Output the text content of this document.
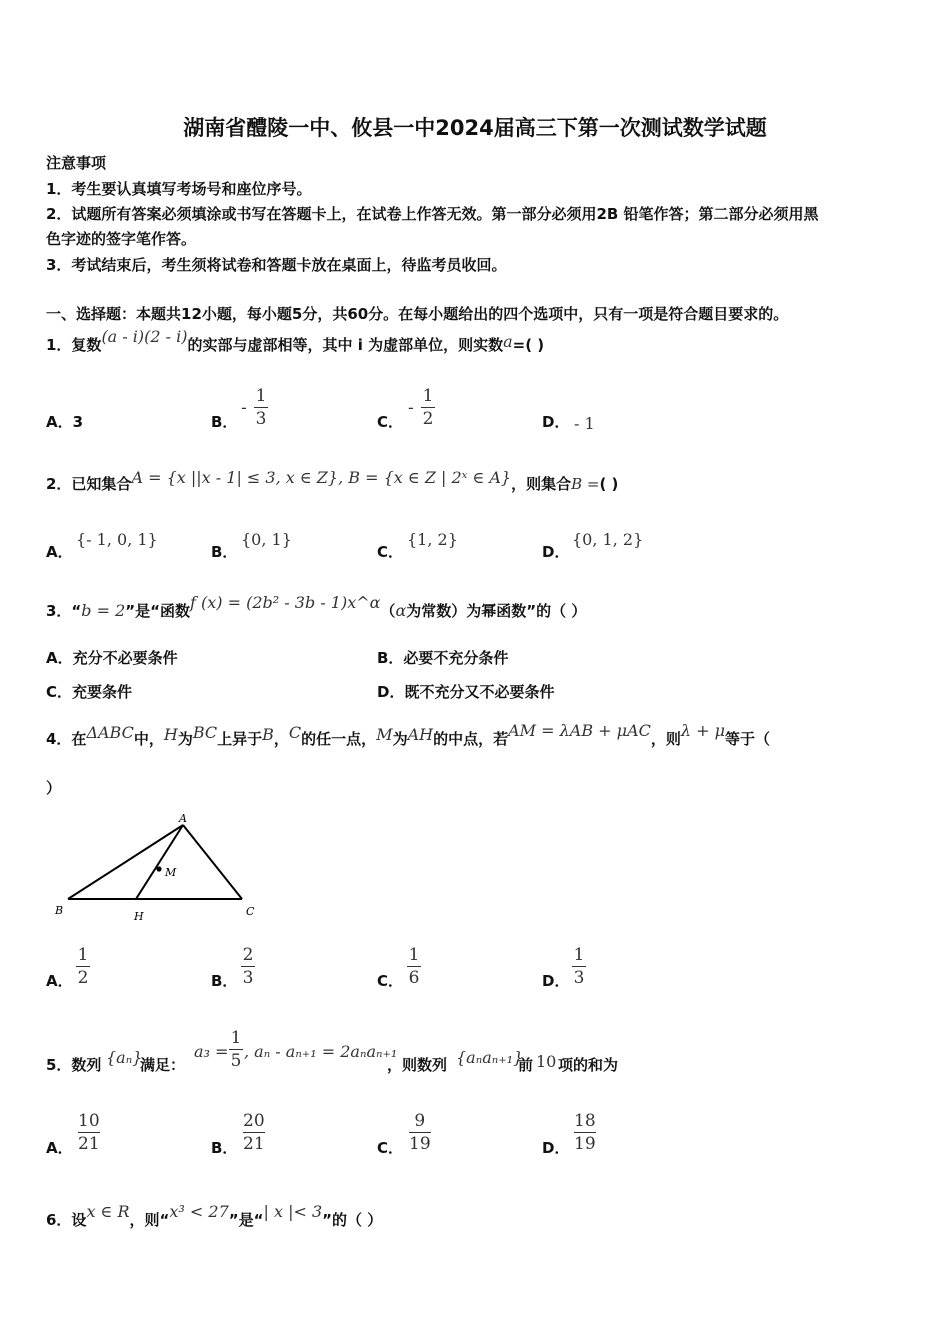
湖南省醴陵一中、攸县一中2024届高三下第一次测试数学试题
注意事项
1．考生要认真填写考场号和座位序号。
2．试题所有答案必须填涂或书写在答题卡上，在试卷上作答无效。第一部分必须用2B 铅笔作答；第二部分必须用黑
色字迹的签字笔作答。
3．考试结束后，考生须将试卷和答题卡放在桌面上，待监考员收回。
一、选择题：本题共12小题，每小题5分，共60分。在每小题给出的四个选项中，只有一项是符合题目要求的。
1．复数(a - i)(2 - i)的实部与虚部相等，其中 i 为虚部单位，则实数a=( )
A．3	B．
-
1
3	C．
-
1
2	D． - 1
2．已知集合A = {x ||x - 1| ≤ 3, x ∈ Z}, B = {x ∈ Z | 2ˣ ∈ A}，则集合B =( )
A．
{- 1, 0, 1}
B．
{0, 1}
C．
{1, 2}
D．
{0, 1, 2}
3．“b = 2”是“函数f (x) = (2b² - 3b - 1)x^α（α为常数）为幂函数”的（ ）
A．充分不必要条件	B．必要不充分条件
C．充要条件	D．既不充分又不必要条件
4．在ΔABC中，H为BC上异于B，C的任一点，M为AH的中点，若AM = λAB + μAC，则λ + μ等于（
）
A
B	C
H
M
A．
1
2	B．
2
3	C．
1
6	D．
1
3
5．数列 {aₙ}
满足：
a₃ =
1
5 , aₙ - aₙ₊₁ = 2aₙaₙ₊₁
，则数列 {aₙaₙ₊₁}
前 10 项的和为
A．
10
21	B．
20
21	C．
9
19	D．
18
19
6．设x ∈ R，则“x³ < 27”是“| x |< 3”的（ ）
